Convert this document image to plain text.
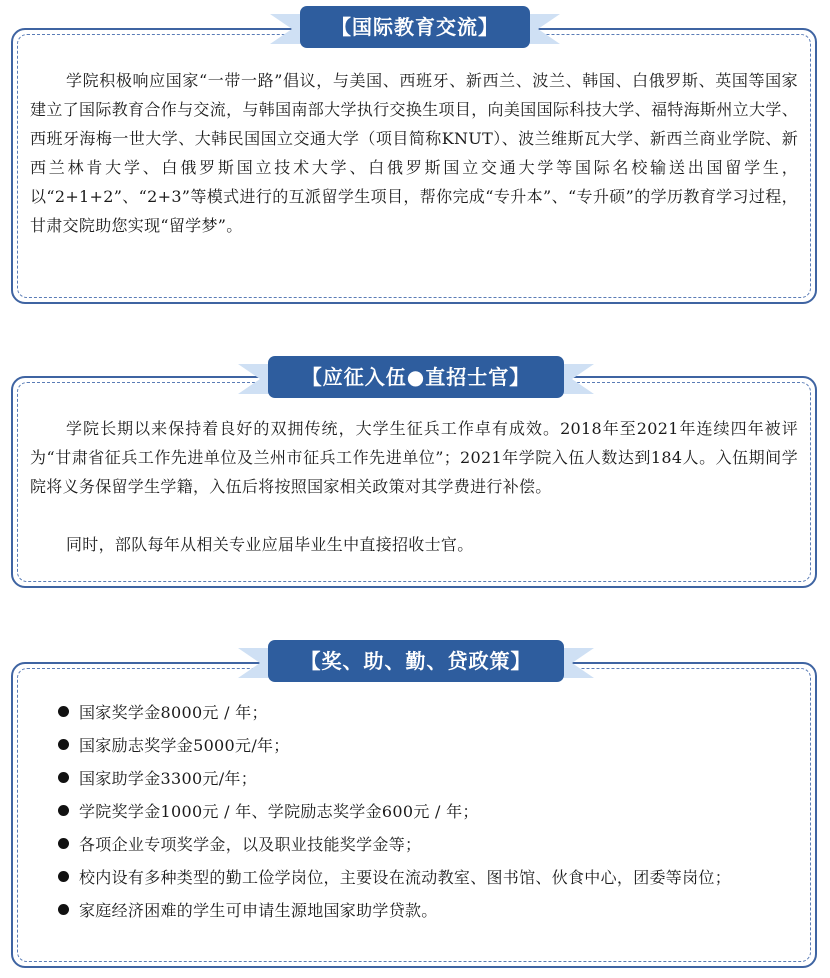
【国际教育交流】

学院积极响应国家“一带一路”倡议，与美国、西班牙、新西兰、波兰、韩国、白俄罗斯、英国等国家建立了国际教育合作与交流，与韩国南部大学执行交换生项目，向美国国际科技大学、福特海斯州立大学、西班牙海梅一世大学、大韩民国国立交通大学（项目简称KNUT）、波兰维斯瓦大学、新西兰商业学院、新西兰林肯大学、白俄罗斯国立技术大学、白俄罗斯国立交通大学等国际名校输送出国留学生，以“2+1+2”、“2+3”等模式进行的互派留学生项目，帮你完成“专升本”、“专升硕”的学历教育学习过程，甘肃交院助您实现“留学梦”。

【应征入伍●直招士官】

学院长期以来保持着良好的双拥传统，大学生征兵工作卓有成效。2018年至2021年连续四年被评为“甘肃省征兵工作先进单位及兰州市征兵工作先进单位”；2021年学院入伍人数达到184人。入伍期间学院将义务保留学生学籍，入伍后将按照国家相关政策对其学费进行补偿。

同时，部队每年从相关专业应届毕业生中直接招收士官。

【奖、助、勤、贷政策】
国家奖学金8000元 / 年；
国家励志奖学金5000元/年；
国家助学金3300元/年；
学院奖学金1000元 / 年、学院励志奖学金600元 / 年；
各项企业专项奖学金，以及职业技能奖学金等；
校内设有多种类型的勤工俭学岗位，主要设在流动教室、图书馆、伙食中心，团委等岗位；
家庭经济困难的学生可申请生源地国家助学贷款。
